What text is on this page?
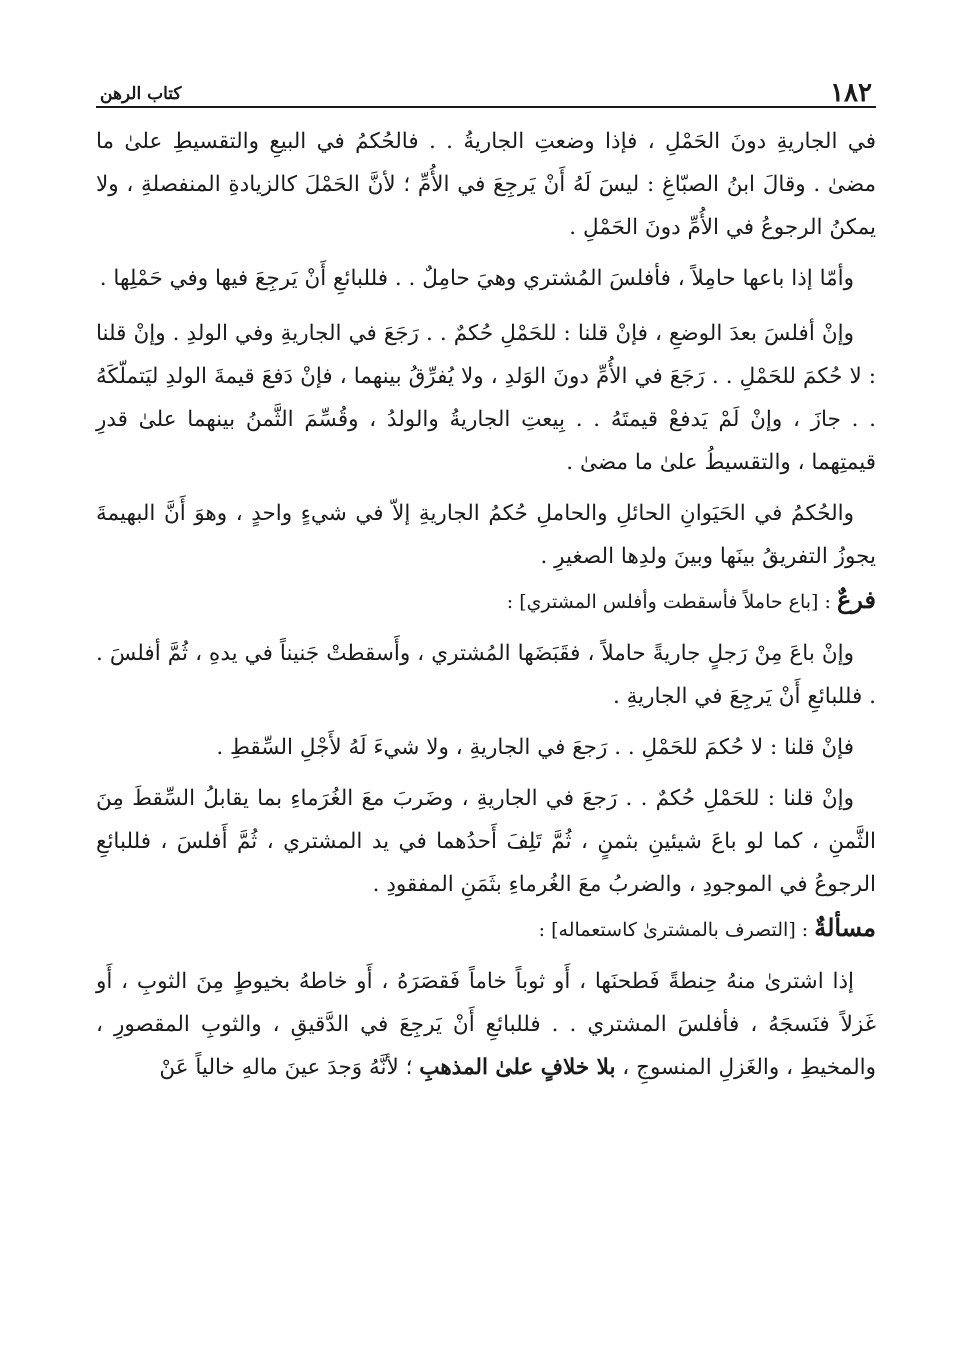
١٨٢
كتاب الرهن

في الجاريةِ دونَ الحَمْلِ ، فإذا وضعتِ الجاريةُ . . فالحُكمُ في البيعِ والتقسيطِ علىٰ ما مضىٰ . وقالَ ابنُ الصبّاغِ : ليسَ لَهُ أَنْ يَرجِعَ في الأُمِّ ؛ لأنَّ الحَمْلَ كالزيادةِ المنفصلةِ ، ولا يمكنُ الرجوعُ في الأُمِّ دونَ الحَمْلِ .

وأمّا إذا باعها حامِلاً ، فأفلسَ المُشتري وهيَ حامِلٌ . . فللبائعِ أَنْ يَرجِعَ فيها وفي حَمْلِها .

وإنْ أفلسَ بعدَ الوضعِ ، فإنْ قلنا : للحَمْلِ حُكمٌ . . رَجَعَ في الجاريةِ وفي الولدِ . وإنْ قلنا : لا حُكمَ للحَمْلِ . . رَجَعَ في الأُمِّ دونَ الوَلدِ ، ولا يُفرِّقُ بينهما ، فإنْ دَفعَ قيمةَ الولدِ ليَتملّكَهُ . . جازَ ، وإنْ لَمْ يَدفعْ قيمتَهُ . . بِيعتِ الجاريةُ والولدُ ، وقُسِّمَ الثَّمنُ بينهما علىٰ قدرِ قيمتِهما ، والتقسيطُ علىٰ ما مضىٰ .

والحُكمُ في الحَيَوانِ الحائلِ والحاملِ حُكمُ الجاريةِ إلاّ في شيءٍ واحدٍ ، وهوَ أَنَّ البهيمةَ يجوزُ التفريقُ بينَها وبينَ ولدِها الصغيرِ .

فرعٌ : [باع حاملاً فأسقطت وأفلس المشتري] :

وإنْ باعَ مِنْ رَجلٍ جاريةً حاملاً ، فقَبَضَها المُشتري ، وأَسقطتْ جَنيناً في يدهِ ، ثُمَّ أفلسَ . . فللبائعِ أَنْ يَرجِعَ في الجاريةِ .

فإنْ قلنا : لا حُكمَ للحَمْلِ . . رَجعَ في الجاريةِ ، ولا شيءَ لَهُ لأَجْلِ السِّقطِ .

وإنْ قلنا : للحَمْلِ حُكمٌ . . رَجعَ في الجاريةِ ، وضَربَ معَ الغُرَماءِ بما يقابلُ السِّقطَ مِنَ الثَّمنِ ، كما لو باعَ شيئينِ بثمنٍ ، ثُمَّ تَلِفَ أَحدُهما في يد المشتري ، ثُمَّ أَفلسَ ، فللبائعِ الرجوعُ في الموجودِ ، والضربُ معَ الغُرماءِ بثَمَنِ المفقودِ .

مسألةٌ : [التصرف بالمشترىٰ كاستعماله] :

إذا اشترىٰ منهُ حِنطةً فَطحنَها ، أَو ثوباً خاماً فَقصَرَهُ ، أَو خاطهُ بخيوطٍ مِنَ الثوبِ ، أَو غَزلاً فنَسجَهُ ، فأفلسَ المشتري . . فللبائعِ أَنْ يَرجِعَ في الدَّقيقِ ، والثوبِ المقصورِ ، والمخيطِ ، والغَزلِ المنسوجِ ، بلا خلافٍ علىٰ المذهبِ ؛ لأنَّهُ وَجدَ عينَ مالهِ خالياً عَنْ
